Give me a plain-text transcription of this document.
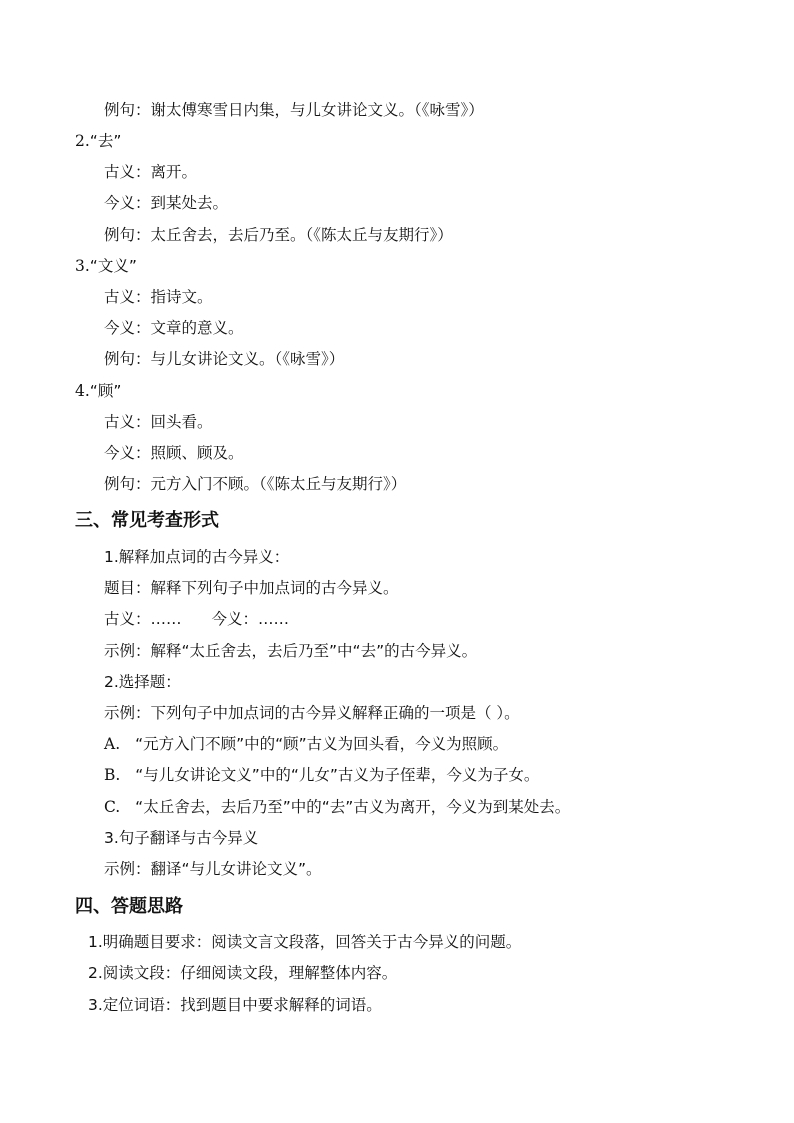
例句：谢太傅寒雪日内集，与儿女讲论文义。（《咏雪》）
2.“去”
古义：离开。
今义：到某处去。
例句：太丘舍去，去后乃至。（《陈太丘与友期行》）
3.“文义”
古义：指诗文。
今义：文章的意义。
例句：与儿女讲论文义。（《咏雪》）
4.“顾”
古义：回头看。
今义：照顾、顾及。
例句：元方入门不顾。（《陈太丘与友期行》）
三、常见考查形式
1.解释加点词的古今异义：
题目：解释下列句子中加点词的古今异义。
古义：…… 今义：……
示例：解释“太丘舍去，去后乃至”中“去”的古今异义。
2.选择题：
示例：下列句子中加点词的古今异义解释正确的一项是（ ）。
A. “元方入门不顾”中的“顾”古义为回头看，今义为照顾。
B. “与儿女讲论文义”中的“儿女”古义为子侄辈，今义为子女。
C. “太丘舍去，去后乃至”中的“去”古义为离开，今义为到某处去。
3.句子翻译与古今异义
示例：翻译“与儿女讲论文义”。
四、答题思路
1.明确题目要求：阅读文言文段落，回答关于古今异义的问题。
2.阅读文段：仔细阅读文段，理解整体内容。
3.定位词语：找到题目中要求解释的词语。
